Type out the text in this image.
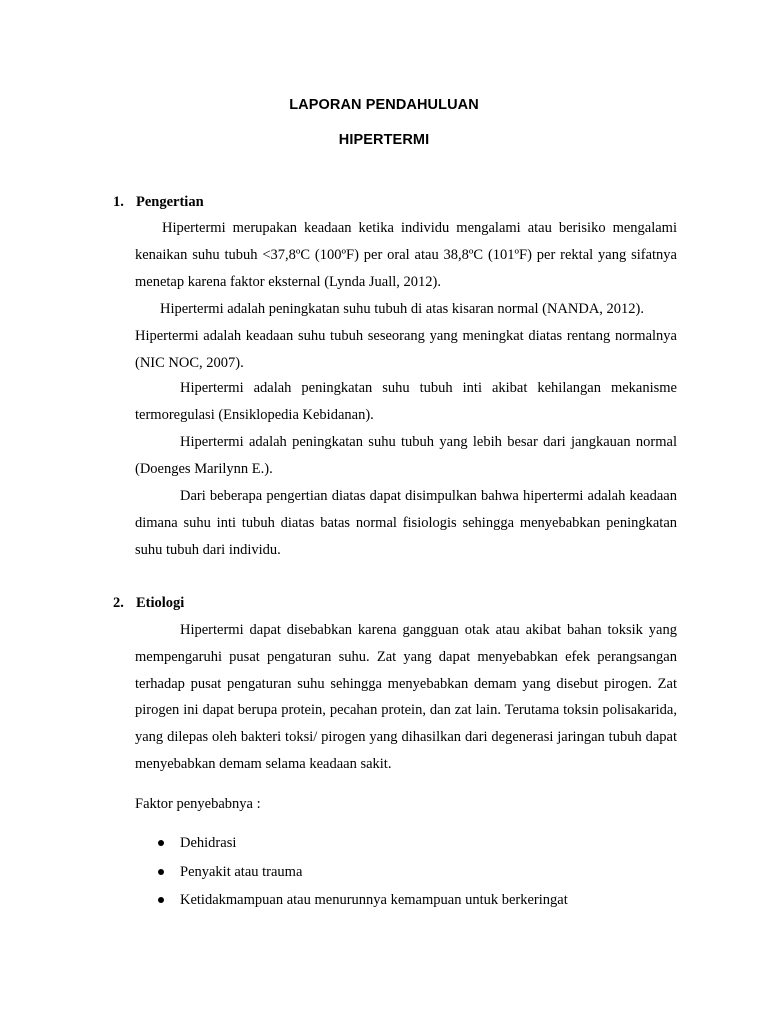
LAPORAN PENDAHULUAN
HIPERTERMI
1. Pengertian
Hipertermi merupakan keadaan ketika individu mengalami atau berisiko mengalami kenaikan suhu tubuh <37,8ºC (100ºF) per oral atau 38,8ºC (101ºF) per rektal yang sifatnya menetap karena faktor eksternal (Lynda Juall, 2012).
Hipertermi adalah peningkatan suhu tubuh di atas kisaran normal (NANDA, 2012).
Hipertermi adalah keadaan suhu tubuh seseorang yang meningkat diatas rentang normalnya (NIC NOC, 2007).
Hipertermi adalah peningkatan suhu tubuh inti akibat kehilangan mekanisme termoregulasi (Ensiklopedia Kebidanan).
Hipertermi adalah peningkatan suhu tubuh yang lebih besar dari jangkauan normal (Doenges Marilynn E.).
Dari beberapa pengertian diatas dapat disimpulkan bahwa hipertermi adalah keadaan dimana suhu inti tubuh diatas batas normal fisiologis sehingga menyebabkan peningkatan suhu tubuh dari individu.
2. Etiologi
Hipertermi dapat disebabkan karena gangguan otak atau akibat bahan toksik yang mempengaruhi pusat pengaturan suhu. Zat yang dapat menyebabkan efek perangsangan terhadap pusat pengaturan suhu sehingga menyebabkan demam yang disebut pirogen. Zat pirogen ini dapat berupa protein, pecahan protein, dan zat lain. Terutama toksin polisakarida, yang dilepas oleh bakteri toksi/ pirogen yang dihasilkan dari degenerasi jaringan tubuh dapat menyebabkan demam selama keadaan sakit.
Faktor penyebabnya :
Dehidrasi
Penyakit atau trauma
Ketidakmampuan atau menurunnya kemampuan untuk berkeringat
